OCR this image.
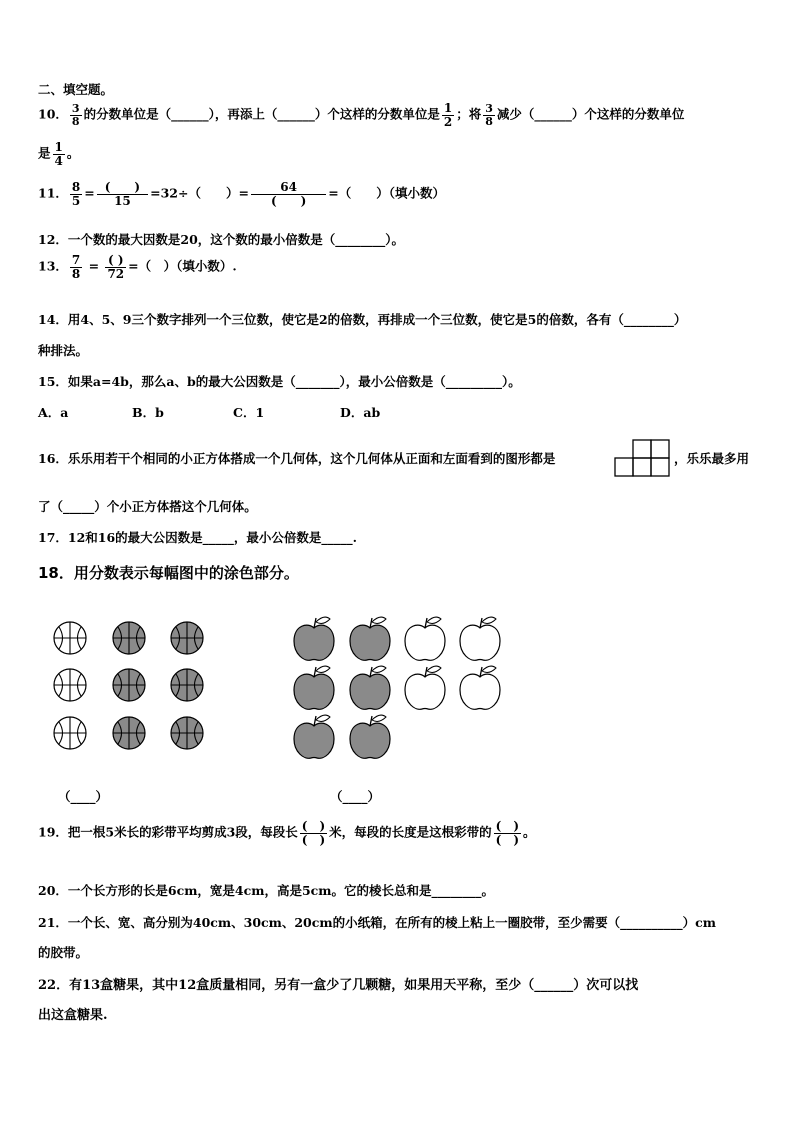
二、填空题。
10． $\frac{3}{8}$ 的分数单位是（______），再添上（______）个这样的分数单位是 $\frac{1}{2}$ ；将 $\frac{3}{8}$ 减少（______）个这样的分数单位
是 $\frac{1}{4}$ 。
11． $\frac{8}{5}$ = (　　)
15	=32÷（　　）=	64
(　　)	=（　　）（填小数）
12．一个数的最大因数是20，这个数的最小倍数是（________）。
13． $\frac{7}{8}$ = ( )
72 =（　）（填小数）.
14．用4、5、9三个数字排列一个三位数，使它是2的倍数，再排成一个三位数，使它是5的倍数，各有（________）
种排法。
15．如果a=4b，那么a、b的最大公因数是（_______），最小公倍数是（_________）。
A．a	B．b	C．1	D．ab
16．乐乐用若干个相同的小正方体搭成一个几何体，这个几何体从正面和左面看到的图形都是	，乐乐最多用
了（_____）个小正方体搭这个几何体。
17．12和16的最大公因数是_____，最小公倍数是_____.
18．用分数表示每幅图中的涂色部分。
（____）	（____）
19．把一根5米长的彩带平均剪成3段，每段长 (　)
(　) 米，每段的长度是这根彩带的 (　)
(　) 。
20．一个长方形的长是6cm，宽是4cm，高是5cm。它的棱长总和是________。
21．一个长、宽、高分别为40cm、30cm、20cm的小纸箱，在所有的棱上粘上一圈胶带，至少需要（__________）cm
的胶带。
22．有13盒糖果，其中12盒质量相同，另有一盒少了几颗糖，如果用天平称，至少（______）次可以找
出这盒糖果.
